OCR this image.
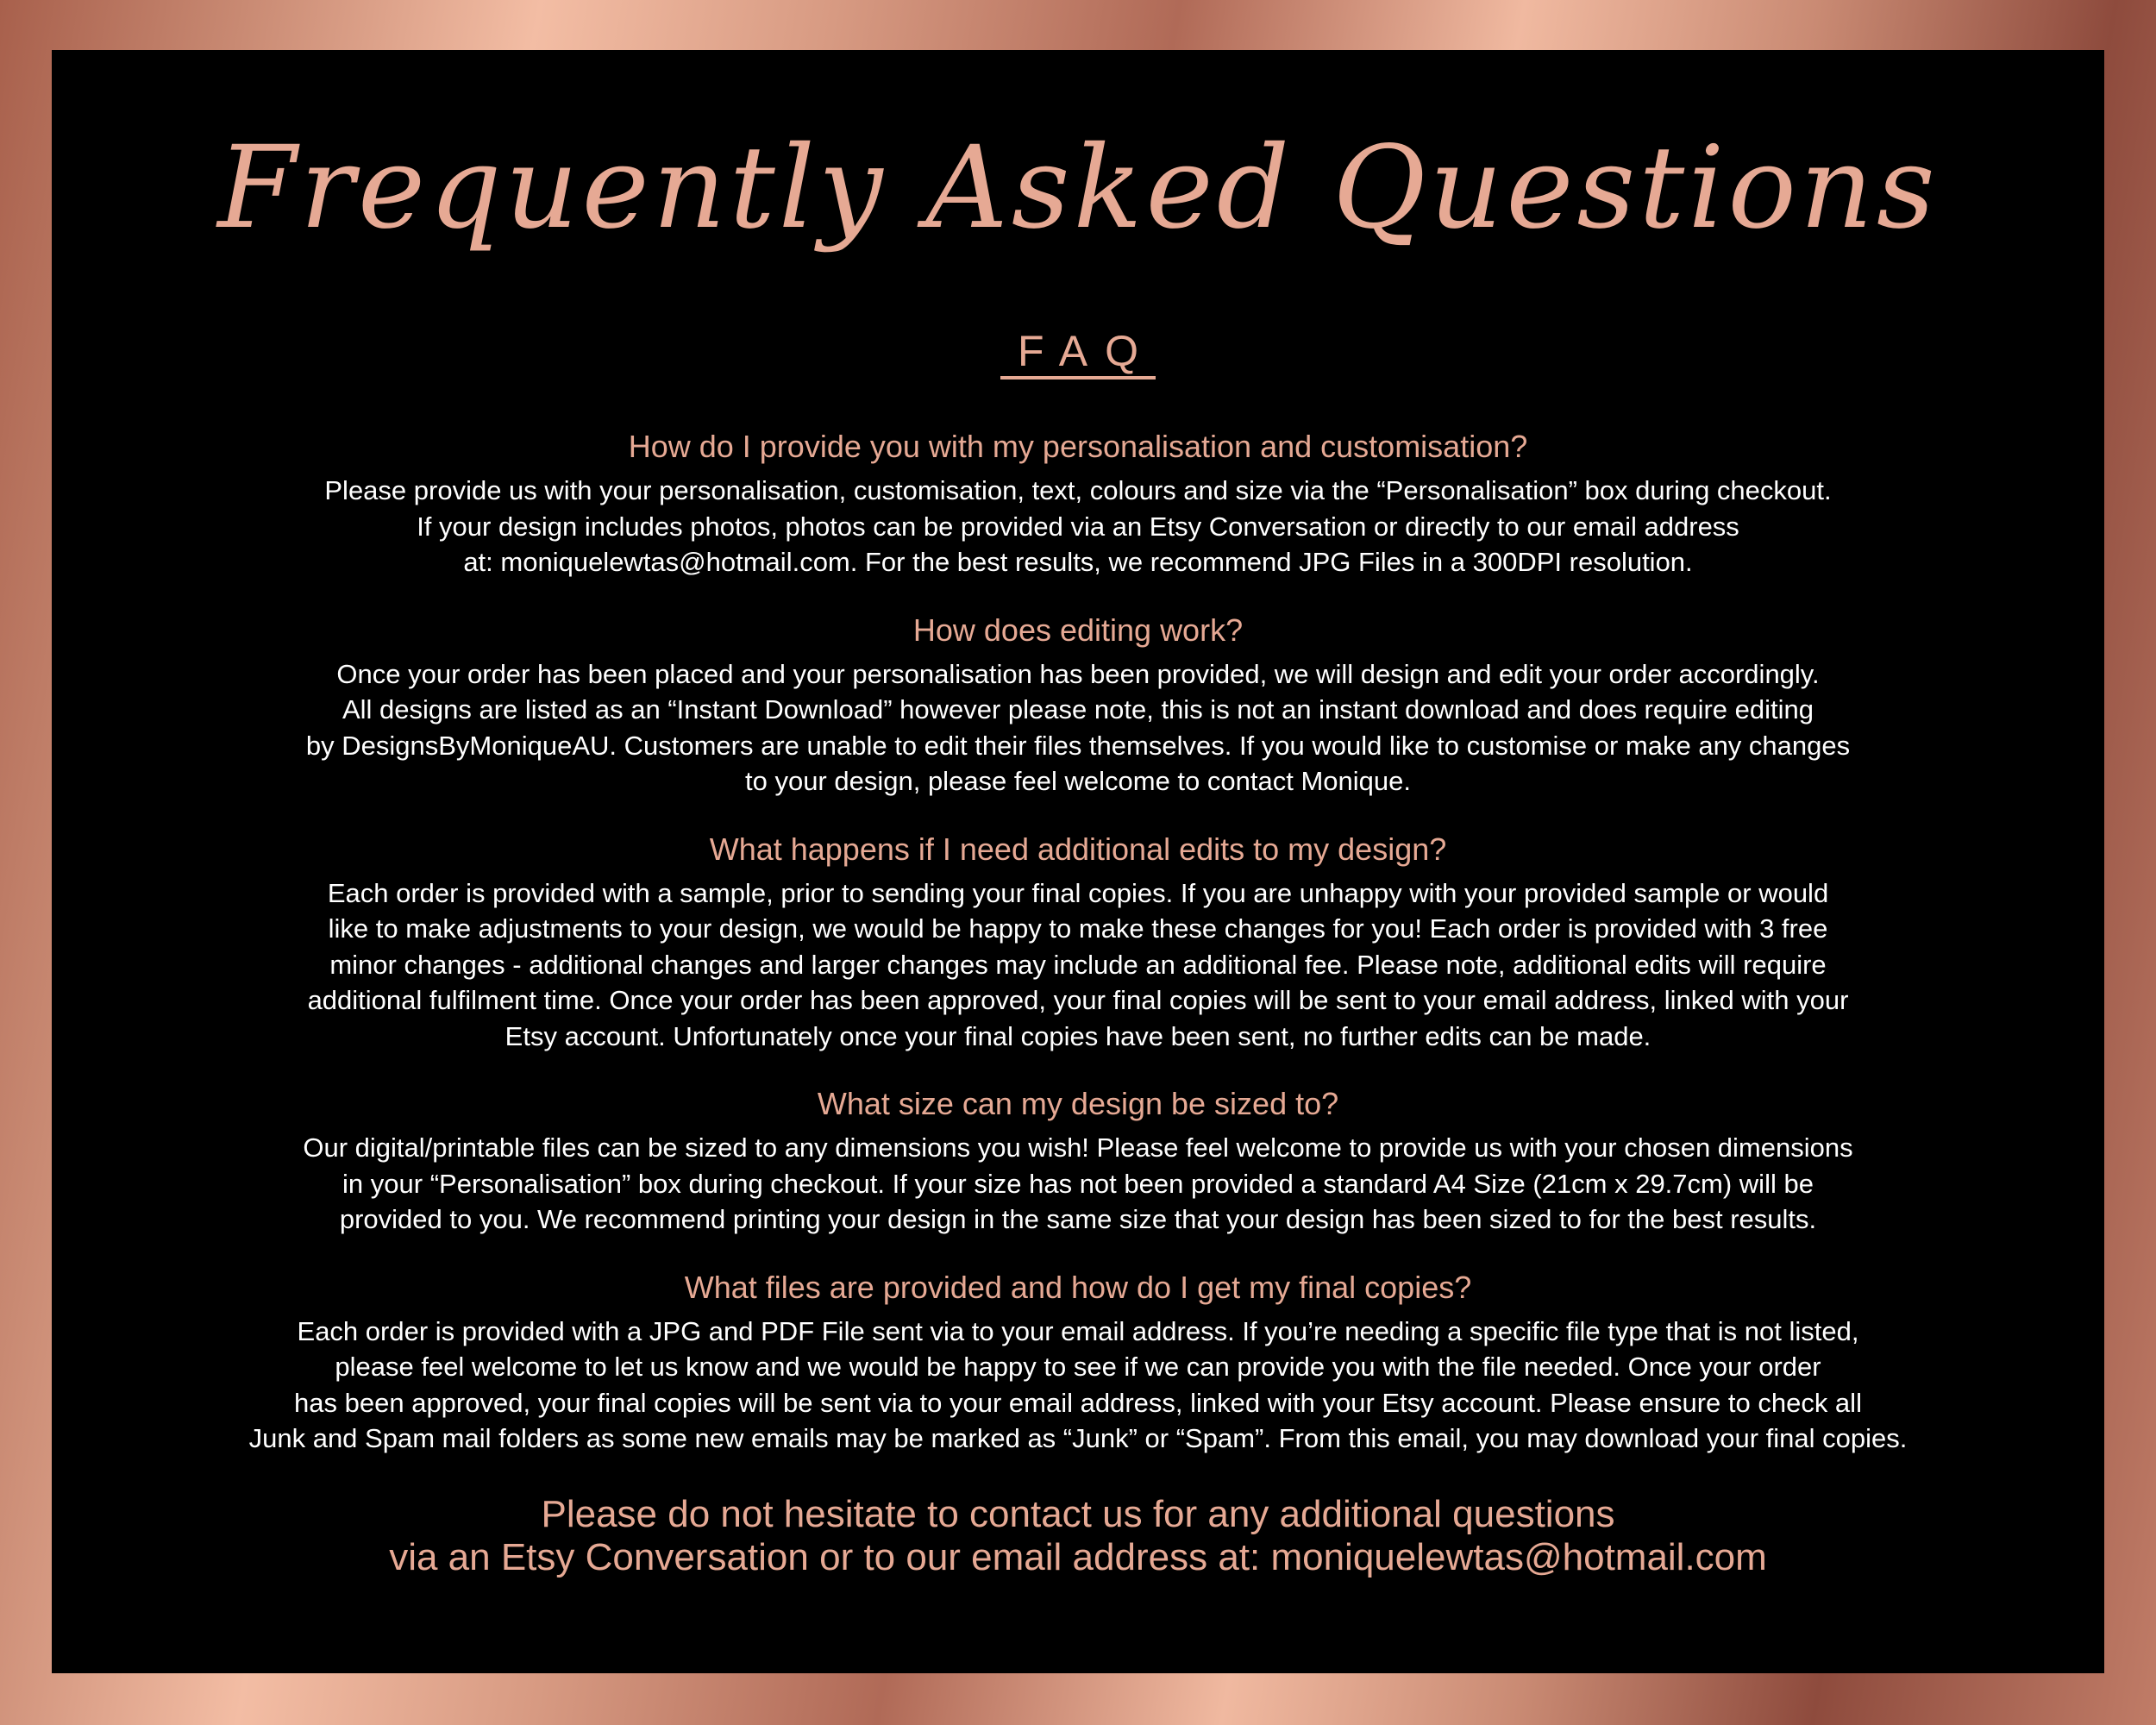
Frequently Asked Questions
FAQ
How do I provide you with my personalisation and customisation?
Please provide us with your personalisation, customisation, text, colours and size via the “Personalisation” box during checkout.
If your design includes photos, photos can be provided via an Etsy Conversation or directly to our email address
at: moniquelewtas@hotmail.com. For the best results, we recommend JPG Files in a 300DPI resolution.
How does editing work?
Once your order has been placed and your personalisation has been provided, we will design and edit your order accordingly.
All designs are listed as an “Instant Download” however please note, this is not an instant download and does require editing
by DesignsByMoniqueAU. Customers are unable to edit their files themselves. If you would like to customise or make any changes
to your design, please feel welcome to contact Monique.
What happens if I need additional edits to my design?
Each order is provided with a sample, prior to sending your final copies. If you are unhappy with your provided sample or would
like to make adjustments to your design, we would be happy to make these changes for you! Each order is provided with 3 free
minor changes - additional changes and larger changes may include an additional fee. Please note, additional edits will require
additional fulfilment time. Once your order has been approved, your final copies will be sent to your email address, linked with your
Etsy account. Unfortunately once your final copies have been sent, no further edits can be made.
What size can my design be sized to?
Our digital/printable files can be sized to any dimensions you wish! Please feel welcome to provide us with your chosen dimensions
in your “Personalisation” box during checkout. If your size has not been provided a standard A4 Size (21cm x 29.7cm) will be
provided to you. We recommend printing your design in the same size that your design has been sized to for the best results.
What files are provided and how do I get my final copies?
Each order is provided with a JPG and PDF File sent via to your email address. If you’re needing a specific file type that is not listed,
please feel welcome to let us know and we would be happy to see if we can provide you with the file needed. Once your order
has been approved, your final copies will be sent via to your email address, linked with your Etsy account. Please ensure to check all
Junk and Spam mail folders as some new emails may be marked as “Junk” or “Spam”. From this email, you may download your final copies.
Please do not hesitate to contact us for any additional questions
via an Etsy Conversation or to our email address at: moniquelewtas@hotmail.com
